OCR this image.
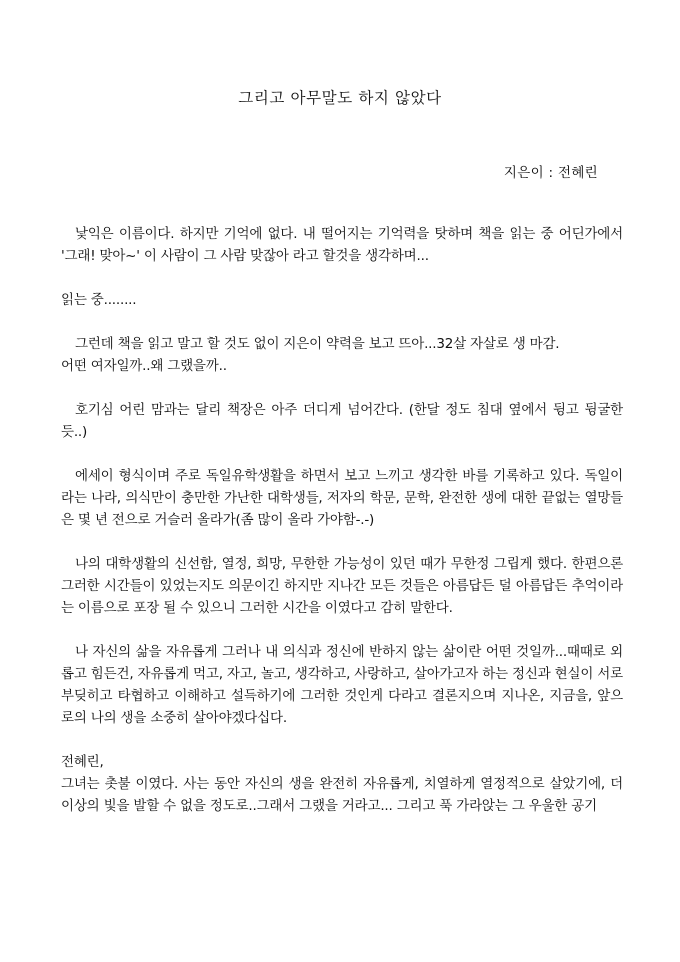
그리고 아무말도 하지 않았다
지은이 : 전혜린

낯익은 이름이다. 하지만 기억에 없다. 내 떨어지는 기억력을 탓하며 책을 읽는 중 어딘가에서 '그래! 맞아~' 이 사람이 그 사람 맞잖아 라고 할것을 생각하며...

읽는 중........

그런데 책을 읽고 말고 할 것도 없이 지은이 약력을 보고 뜨아...32살 자살로 생 마감.
어떤 여자일까..왜 그랬을까..

호기심 어린 맘과는 달리 책장은 아주 더디게 넘어간다. (한달 정도 침대 옆에서 뒹고 뒹굴한듯..)

에세이 형식이며 주로 독일유학생활을 하면서 보고 느끼고 생각한 바를 기록하고 있다. 독일이라는 나라, 의식만이 충만한 가난한 대학생들, 저자의 학문, 문학, 완전한 생에 대한 끝없는 열망들은 몇 년 전으로 거슬러 올라가(좀 많이 올라 가야함-.-)

나의 대학생활의 신선함, 열정, 희망, 무한한 가능성이 있던 때가 무한정 그립게 했다. 한편으론 그러한 시간들이 있었는지도 의문이긴 하지만 지나간 모든 것들은 아름답든 덜 아름답든 추억이라는 이름으로 포장 될 수 있으니 그러한 시간을 이였다고 감히 말한다.

나 자신의 삶을 자유롭게 그러나 내 의식과 정신에 반하지 않는 삶이란 어떤 것일까...때때로 외롭고 힘든건, 자유롭게 먹고, 자고, 놀고, 생각하고, 사랑하고, 살아가고자 하는 정신과 현실이 서로 부딪히고 타협하고 이해하고 설득하기에 그러한 것인게 다라고 결론지으며 지나온, 지금을, 앞으로의 나의 생을 소중히 살아야겠다십다.

전혜린,
그녀는 촛불 이였다. 사는 동안 자신의 생을 완전히 자유롭게, 치열하게 열정적으로 살았기에, 더 이상의 빛을 발할 수 없을 정도로..그래서 그랬을 거라고... 그리고 푹 가라앉는 그 우울한 공기
